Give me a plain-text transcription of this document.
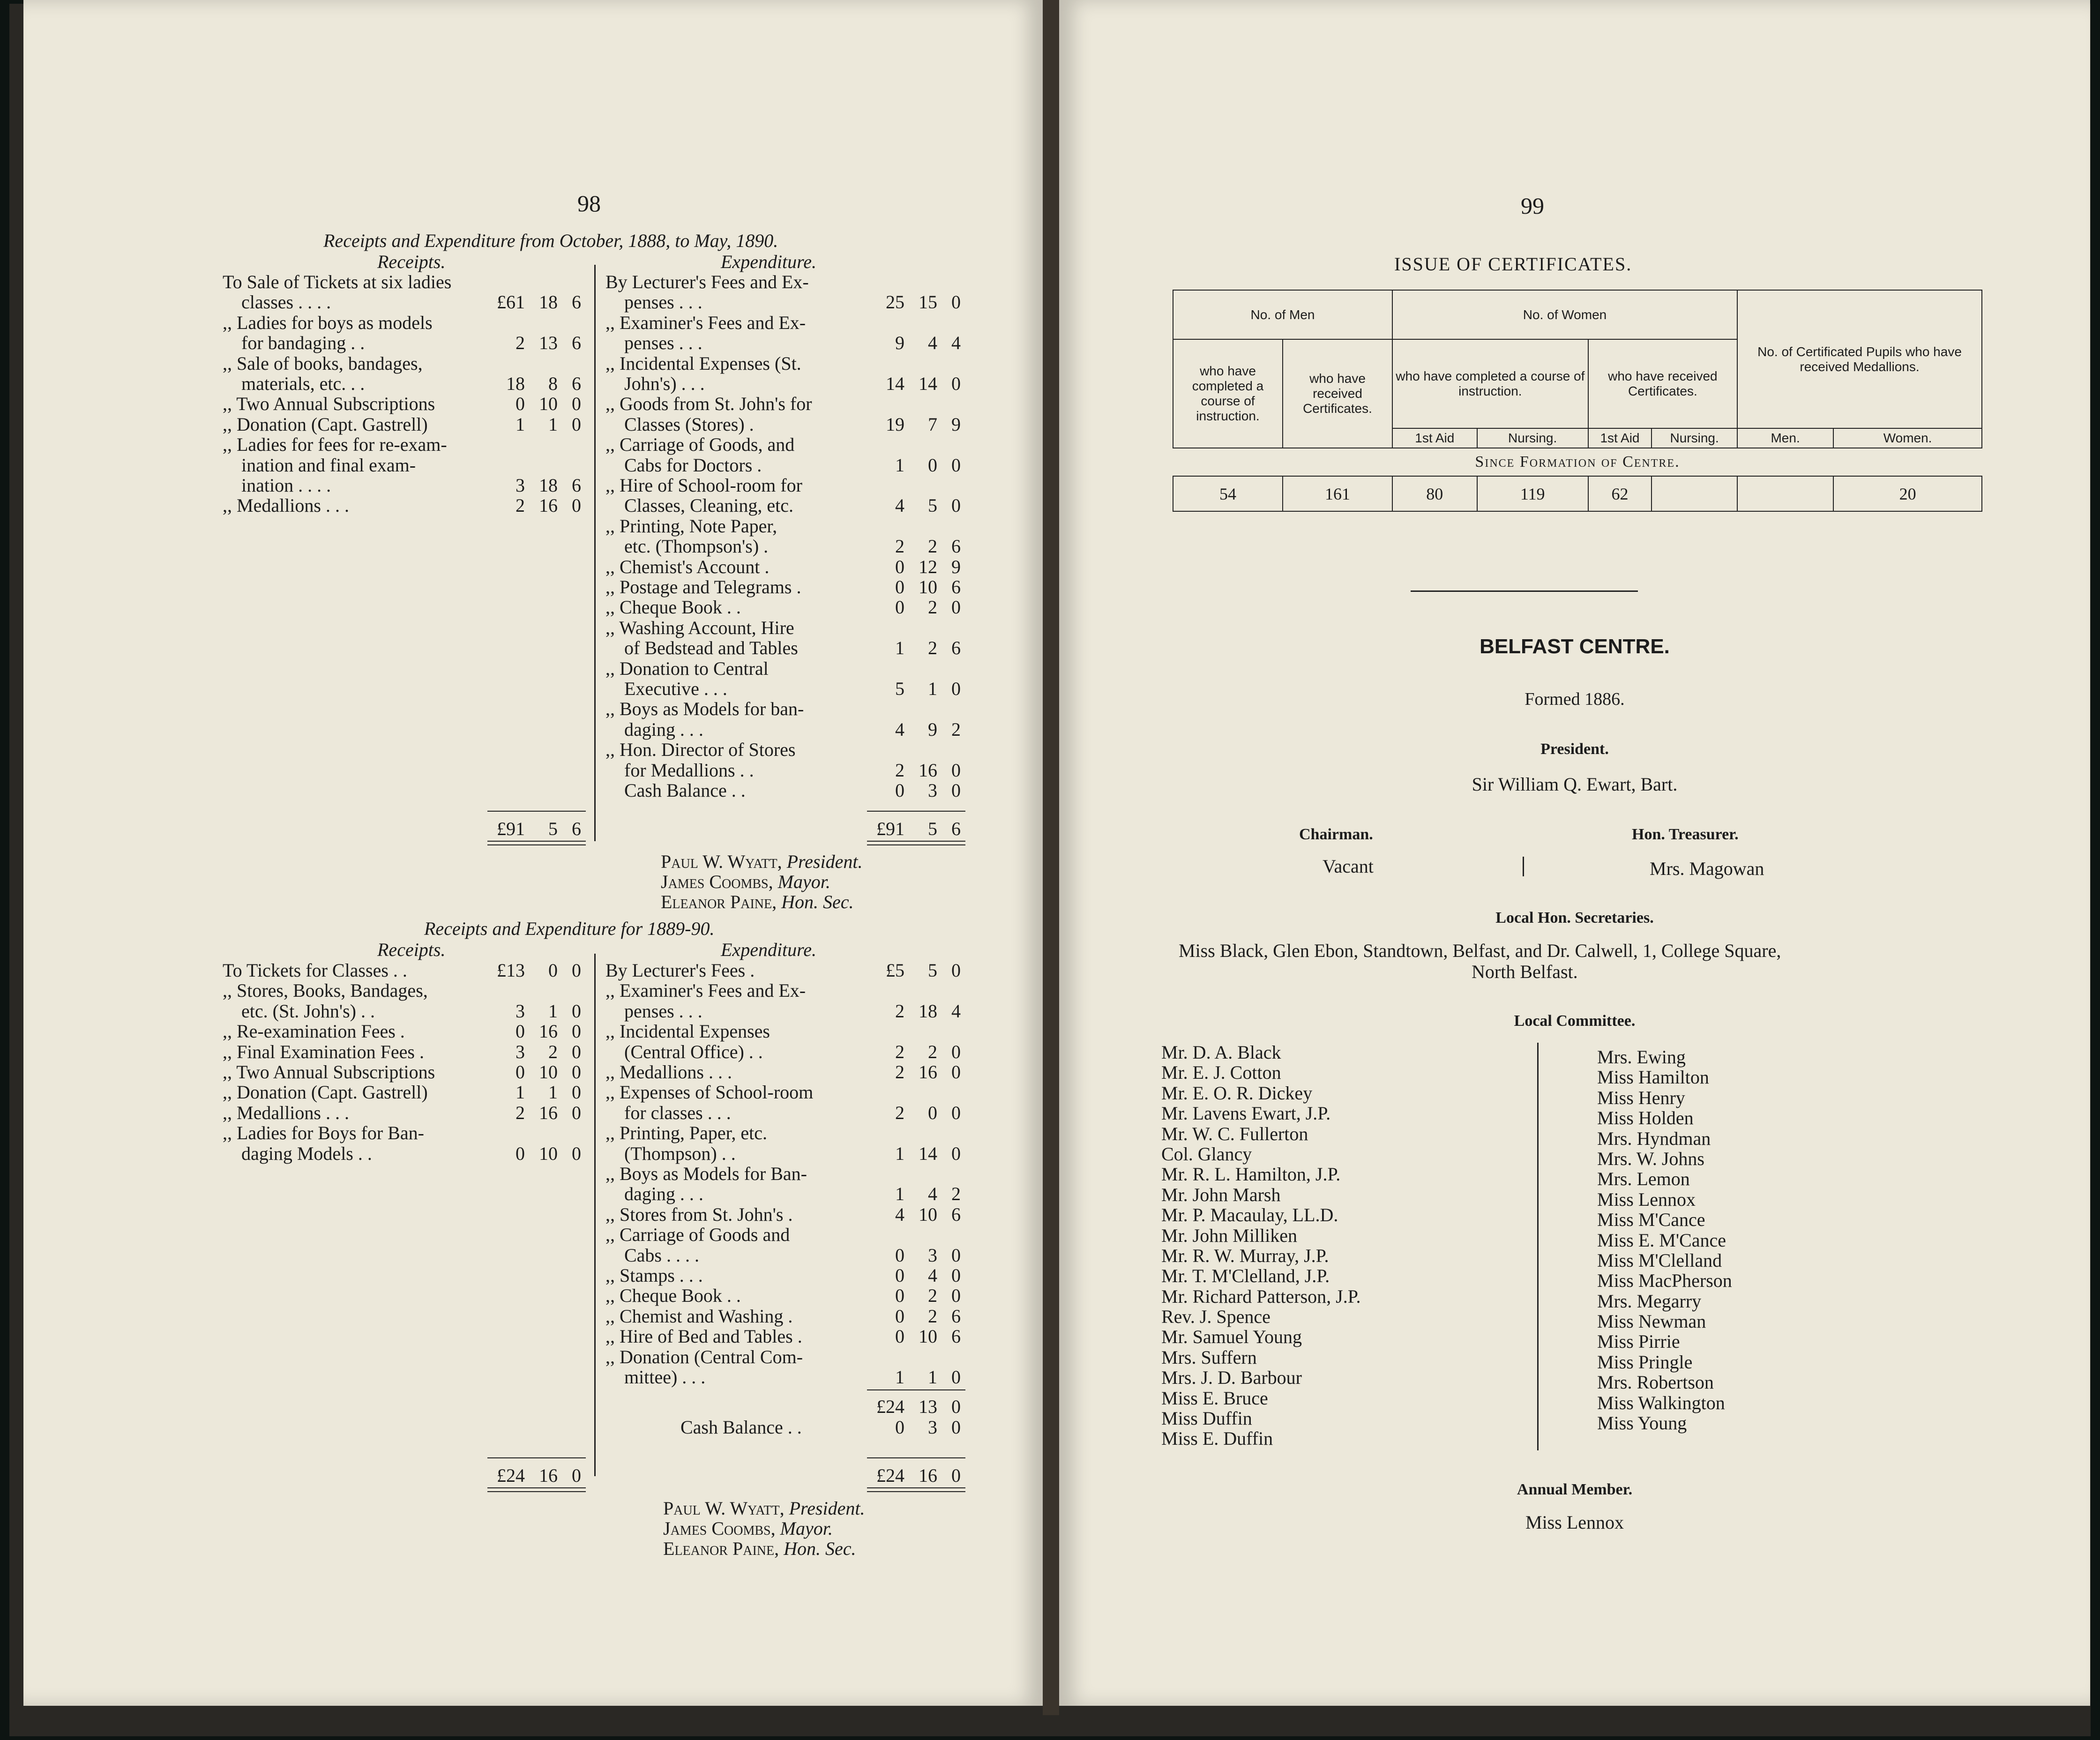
98
Receipts and Expenditure from October, 1888, to May, 1890.
Receipts.	Expenditure.
To Sale of Tickets at six ladies
classes . . . .	£61 18 6
,, Ladies for boys as models
for bandaging . .	2 13 6
,, Sale of books, bandages,
materials, etc. . .	18	8 6
,, Two Annual Subscriptions	0 10 0
,, Donation (Capt. Gastrell)	1	1 0
,, Ladies for fees for re-exam-
ination and final exam-
ination . . . .	3 18 6
,, Medallions . . .	2 16 0
By Lecturer's Fees and Ex-
penses . . .	25 15 0
,, Examiner's Fees and Ex-
penses . . .	9	4 4
,, Incidental Expenses (St.
John's) . . .	14 14 0
,, Goods from St. John's for
Classes (Stores) .	19	7 9
,, Carriage of Goods, and
Cabs for Doctors .	1	0 0
,, Hire of School-room for
Classes, Cleaning, etc.	4	5 0
,, Printing, Note Paper,
etc. (Thompson's) .	2	2 6
,, Chemist's Account .	0 12 9
,, Postage and Telegrams .	0 10 6
,, Cheque Book . .	0	2 0
,, Washing Account, Hire
of Bedstead and Tables	1	2 6
,, Donation to Central
Executive . . .	5	1 0
,, Boys as Models for ban-
daging . . .	4	9 2
,, Hon. Director of Stores
for Medallions . .	2 16 0
Cash Balance . .	0	3 0
£91	5 6	£91	5 6
Paul W. Wyatt, President.
James Coombs, Mayor.
Eleanor Paine, Hon. Sec.
Receipts and Expenditure for 1889-90.
Receipts.	Expenditure.
To Tickets for Classes . .	£13	0 0
,, Stores, Books, Bandages,
etc. (St. John's) . .	3	1 0
,, Re-examination Fees .	0 16 0
,, Final Examination Fees .	3	2 0
,, Two Annual Subscriptions	0 10 0
,, Donation (Capt. Gastrell)	1	1 0
,, Medallions . . .	2 16 0
,, Ladies for Boys for Ban-
daging Models . .	0 10 0
By Lecturer's Fees .	£5	5 0
,, Examiner's Fees and Ex-
penses . . .	2 18 4
,, Incidental Expenses
(Central Office) . .	2	2 0
,, Medallions . . .	2 16 0
,, Expenses of School-room
for classes . . .	2	0 0
,, Printing, Paper, etc.
(Thompson) . .	1 14 0
,, Boys as Models for Ban-
daging . . .	1	4 2
,, Stores from St. John's .	4 10 6
,, Carriage of Goods and
Cabs . . . .	0	3 0
,, Stamps . . .	0	4 0
,, Cheque Book . .	0	2 0
,, Chemist and Washing .	0	2 6
,, Hire of Bed and Tables .	0 10 6
,, Donation (Central Com-
mittee) . . .	1	1 0
£24 13 0
Cash Balance . .	0	3 0
£24 16 0	£24 16 0
Paul W. Wyatt, President.
James Coombs, Mayor.
Eleanor Paine, Hon. Sec.
99
ISSUE OF CERTIFICATES.
No. of Men		No. of Women				No. of Certificated Pupils who have received Medallions.	
who have completed a course of instruction.	who have received Certificates.	who have completed a course of instruction.		who have received Certificates.			
		1st Aid	Nursing.	1st Aid	Nursing.	Men.	Women.
Since Formation of Centre.							
54	161	80	119	62			20
BELFAST CENTRE.
Formed 1886.
President.
Sir William Q. Ewart, Bart.
Chairman.
Vacant
Hon. Treasurer.
Mrs. Magowan
Local Hon. Secretaries.
Miss Black, Glen Ebon, Standtown, Belfast, and Dr. Calwell, 1, College Square,
North Belfast.
Local Committee.
Mr. D. A. Black
Mr. E. J. Cotton
Mr. E. O. R. Dickey
Mr. Lavens Ewart, J.P.
Mr. W. C. Fullerton
Col. Glancy
Mr. R. L. Hamilton, J.P.
Mr. John Marsh
Mr. P. Macaulay, LL.D.
Mr. John Milliken
Mr. R. W. Murray, J.P.
Mr. T. M'Clelland, J.P.
Mr. Richard Patterson, J.P.
Rev. J. Spence
Mr. Samuel Young
Mrs. Suffern
Mrs. J. D. Barbour
Miss E. Bruce
Miss Duffin
Miss E. Duffin
Mrs. Ewing
Miss Hamilton
Miss Henry
Miss Holden
Mrs. Hyndman
Mrs. W. Johns
Mrs. Lemon
Miss Lennox
Miss M'Cance
Miss E. M'Cance
Miss M'Clelland
Miss MacPherson
Mrs. Megarry
Miss Newman
Miss Pirrie
Miss Pringle
Mrs. Robertson
Miss Walkington
Miss Young
Annual Member.
Miss Lennox
